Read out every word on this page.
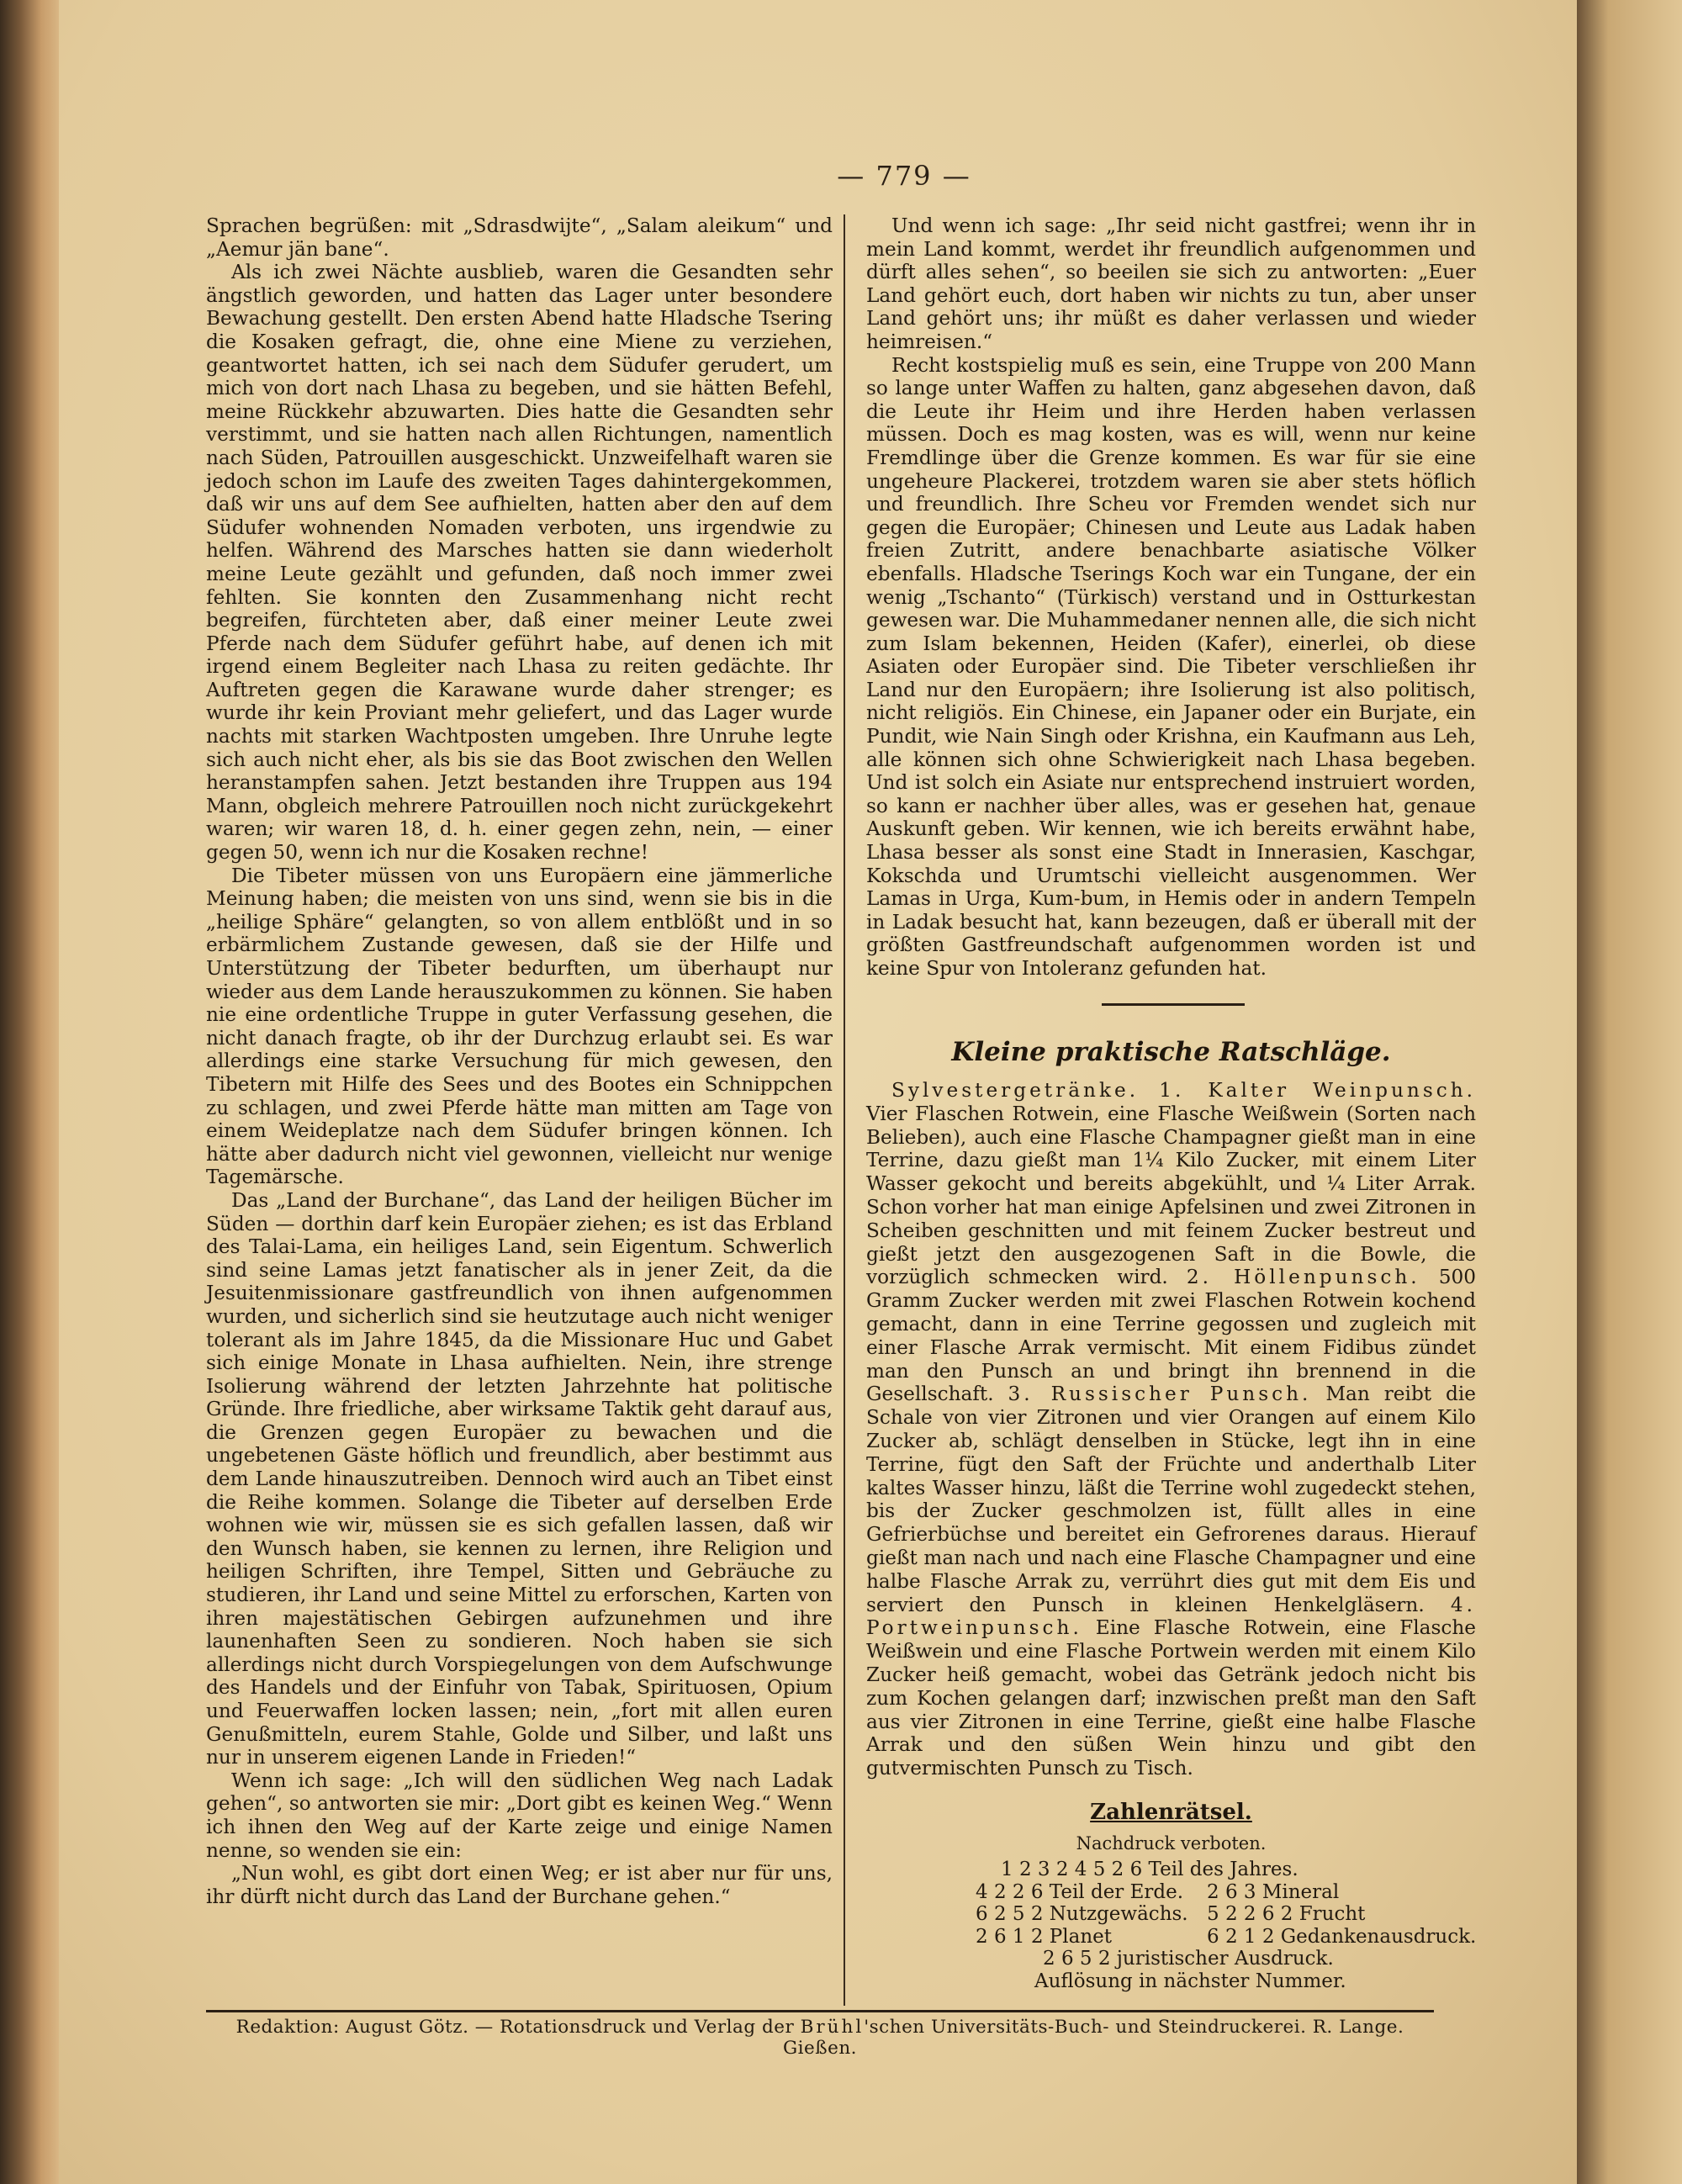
— 779 —

Sprachen begrüßen: mit „Sdrasdwijte“, „Salam aleikum“ und „Aemur jän bane“.

Als ich zwei Nächte ausblieb, waren die Gesandten sehr ängstlich geworden, und hatten das Lager unter besondere Bewachung gestellt. Den ersten Abend hatte Hladsche Tsering die Kosaken gefragt, die, ohne eine Miene zu verziehen, geantwortet hatten, ich sei nach dem Südufer gerudert, um mich von dort nach Lhasa zu begeben, und sie hätten Befehl, meine Rückkehr abzuwarten. Dies hatte die Gesandten sehr verstimmt, und sie hatten nach allen Richtungen, namentlich nach Süden, Patrouillen ausgeschickt. Unzweifelhaft waren sie jedoch schon im Laufe des zweiten Tages dahintergekommen, daß wir uns auf dem See aufhielten, hatten aber den auf dem Südufer wohnenden Nomaden verboten, uns irgendwie zu helfen. Während des Marsches hatten sie dann wiederholt meine Leute gezählt und gefunden, daß noch immer zwei fehlten. Sie konnten den Zusammenhang nicht recht begreifen, fürchteten aber, daß einer meiner Leute zwei Pferde nach dem Südufer geführt habe, auf denen ich mit irgend einem Begleiter nach Lhasa zu reiten gedächte. Ihr Auftreten gegen die Karawane wurde daher strenger; es wurde ihr kein Proviant mehr geliefert, und das Lager wurde nachts mit starken Wachtposten umgeben. Ihre Unruhe legte sich auch nicht eher, als bis sie das Boot zwischen den Wellen heranstampfen sahen. Jetzt bestanden ihre Truppen aus 194 Mann, obgleich mehrere Patrouillen noch nicht zurückgekehrt waren; wir waren 18, d. h. einer gegen zehn, nein, — einer gegen 50, wenn ich nur die Kosaken rechne!

Die Tibeter müssen von uns Europäern eine jämmerliche Meinung haben; die meisten von uns sind, wenn sie bis in die „heilige Sphäre“ gelangten, so von allem entblößt und in so erbärmlichem Zustande gewesen, daß sie der Hilfe und Unterstützung der Tibeter bedurften, um überhaupt nur wieder aus dem Lande herauszukommen zu können. Sie haben nie eine ordentliche Truppe in guter Verfassung gesehen, die nicht danach fragte, ob ihr der Durchzug erlaubt sei. Es war allerdings eine starke Versuchung für mich gewesen, den Tibetern mit Hilfe des Sees und des Bootes ein Schnippchen zu schlagen, und zwei Pferde hätte man mitten am Tage von einem Weideplatze nach dem Südufer bringen können. Ich hätte aber dadurch nicht viel gewonnen, vielleicht nur wenige Tagemärsche.

Das „Land der Burchane“, das Land der heiligen Bücher im Süden — dorthin darf kein Europäer ziehen; es ist das Erbland des Talai-Lama, ein heiliges Land, sein Eigentum. Schwerlich sind seine Lamas jetzt fanatischer als in jener Zeit, da die Jesuitenmissionare gastfreundlich von ihnen aufgenommen wurden, und sicherlich sind sie heutzutage auch nicht weniger tolerant als im Jahre 1845, da die Missionare Huc und Gabet sich einige Monate in Lhasa aufhielten. Nein, ihre strenge Isolierung während der letzten Jahrzehnte hat politische Gründe. Ihre friedliche, aber wirksame Taktik geht darauf aus, die Grenzen gegen Europäer zu bewachen und die ungebetenen Gäste höflich und freundlich, aber bestimmt aus dem Lande hinauszutreiben. Dennoch wird auch an Tibet einst die Reihe kommen. Solange die Tibeter auf derselben Erde wohnen wie wir, müssen sie es sich gefallen lassen, daß wir den Wunsch haben, sie kennen zu lernen, ihre Religion und heiligen Schriften, ihre Tempel, Sitten und Gebräuche zu studieren, ihr Land und seine Mittel zu erforschen, Karten von ihren majestätischen Gebirgen aufzunehmen und ihre launenhaften Seen zu sondieren. Noch haben sie sich allerdings nicht durch Vorspiegelungen von dem Aufschwunge des Handels und der Einfuhr von Tabak, Spirituosen, Opium und Feuerwaffen locken lassen; nein, „fort mit allen euren Genußmitteln, eurem Stahle, Golde und Silber, und laßt uns nur in unserem eigenen Lande in Frieden!“

Wenn ich sage: „Ich will den südlichen Weg nach Ladak gehen“, so antworten sie mir: „Dort gibt es keinen Weg.“ Wenn ich ihnen den Weg auf der Karte zeige und einige Namen nenne, so wenden sie ein:

„Nun wohl, es gibt dort einen Weg; er ist aber nur für uns, ihr dürft nicht durch das Land der Burchane gehen.“

Und wenn ich sage: „Ihr seid nicht gastfrei; wenn ihr in mein Land kommt, werdet ihr freundlich aufgenommen und dürft alles sehen“, so beeilen sie sich zu antworten: „Euer Land gehört euch, dort haben wir nichts zu tun, aber unser Land gehört uns; ihr müßt es daher verlassen und wieder heimreisen.“

Recht kostspielig muß es sein, eine Truppe von 200 Mann so lange unter Waffen zu halten, ganz abgesehen davon, daß die Leute ihr Heim und ihre Herden haben verlassen müssen. Doch es mag kosten, was es will, wenn nur keine Fremdlinge über die Grenze kommen. Es war für sie eine ungeheure Plackerei, trotzdem waren sie aber stets höflich und freundlich. Ihre Scheu vor Fremden wendet sich nur gegen die Europäer; Chinesen und Leute aus Ladak haben freien Zutritt, andere benachbarte asiatische Völker ebenfalls. Hladsche Tserings Koch war ein Tungane, der ein wenig „Tschanto“ (Türkisch) verstand und in Ostturkestan gewesen war. Die Muhammedaner nennen alle, die sich nicht zum Islam bekennen, Heiden (Kafer), einerlei, ob diese Asiaten oder Europäer sind. Die Tibeter verschließen ihr Land nur den Europäern; ihre Isolierung ist also politisch, nicht religiös. Ein Chinese, ein Japaner oder ein Burjate, ein Pundit, wie Nain Singh oder Krishna, ein Kaufmann aus Leh, alle können sich ohne Schwierigkeit nach Lhasa begeben. Und ist solch ein Asiate nur entsprechend instruiert worden, so kann er nachher über alles, was er gesehen hat, genaue Auskunft geben. Wir kennen, wie ich bereits erwähnt habe, Lhasa besser als sonst eine Stadt in Innerasien, Kaschgar, Kokschda und Urumtschi vielleicht ausgenommen. Wer Lamas in Urga, Kum-bum, in Hemis oder in andern Tempeln in Ladak besucht hat, kann bezeugen, daß er überall mit der größten Gastfreundschaft aufgenommen worden ist und keine Spur von Intoleranz gefunden hat.

Kleine praktische Ratschläge.

Sylvestergetränke. 1. Kalter Weinpunsch. Vier Flaschen Rotwein, eine Flasche Weißwein (Sorten nach Belieben), auch eine Flasche Champagner gießt man in eine Terrine, dazu gießt man 1¼ Kilo Zucker, mit einem Liter Wasser gekocht und bereits abgekühlt, und ¼ Liter Arrak. Schon vorher hat man einige Apfelsinen und zwei Zitronen in Scheiben geschnitten und mit feinem Zucker bestreut und gießt jetzt den ausgezogenen Saft in die Bowle, die vorzüglich schmecken wird. 2. Höllenpunsch. 500 Gramm Zucker werden mit zwei Flaschen Rotwein kochend gemacht, dann in eine Terrine gegossen und zugleich mit einer Flasche Arrak vermischt. Mit einem Fidibus zündet man den Punsch an und bringt ihn brennend in die Gesellschaft. 3. Russischer Punsch. Man reibt die Schale von vier Zitronen und vier Orangen auf einem Kilo Zucker ab, schlägt denselben in Stücke, legt ihn in eine Terrine, fügt den Saft der Früchte und anderthalb Liter kaltes Wasser hinzu, läßt die Terrine wohl zugedeckt stehen, bis der Zucker geschmolzen ist, füllt alles in eine Gefrierbüchse und bereitet ein Gefrorenes daraus. Hierauf gießt man nach und nach eine Flasche Champagner und eine halbe Flasche Arrak zu, verrührt dies gut mit dem Eis und serviert den Punsch in kleinen Henkelgläsern. 4. Portweinpunsch. Eine Flasche Rotwein, eine Flasche Weißwein und eine Flasche Portwein werden mit einem Kilo Zucker heiß gemacht, wobei das Getränk jedoch nicht bis zum Kochen gelangen darf; inzwischen preßt man den Saft aus vier Zitronen in eine Terrine, gießt eine halbe Flasche Arrak und den süßen Wein hinzu und gibt den gutvermischten Punsch zu Tisch.

Zahlenrätsel.
Nachdruck verboten.
1 2 3 2 4 5 2 6 Teil des Jahres.
4 2 2 6 Teil der Erde. 2 6 3 Mineral
6 2 5 2 Nutzgewächs. 5 2 2 6 2 Frucht
2 6 1 2 Planet	6 2 1 2 Gedankenausdruck.
2 6 5 2 juristischer Ausdruck.
Auflösung in nächster Nummer.
Redaktion: August Götz. — Rotationsdruck und Verlag der Brühl'schen Universitäts-Buch- und Steindruckerei. R. Lange. Gießen.
